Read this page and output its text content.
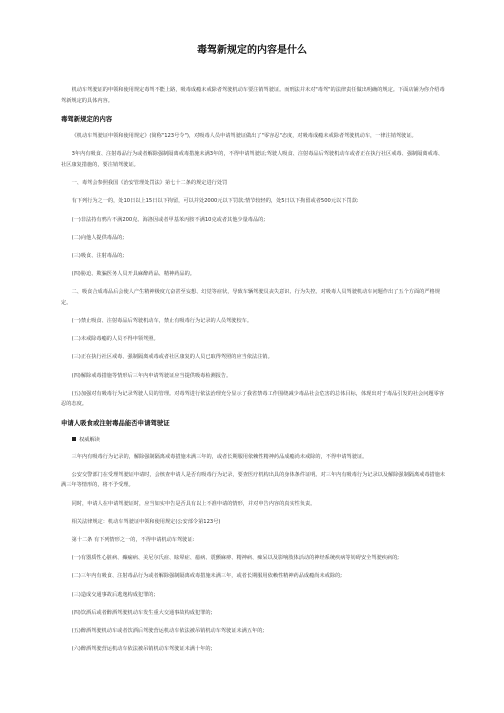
毒驾新规定的内容是什么

机动车驾驶证的申领和使用规定毒驾不能上路，吸毒成瘾未戒除者驾驶机动车要注销驾驶证。而刑法并未对"毒驾"的法律责任做出明确的规定。下面店铺为你介绍毒驾新规定的具体内容。

毒驾新规定的内容

《机动车驾驶证申领和使用规定》(简称"123号令")，对吸毒人员申请驾驶证做出了"零容忍"态度，对吸毒成瘾未戒除者驾驶机动车，一律注销驾驶证。

3年内有吸食、注射毒品行为或者解除强制隔离戒毒措施未满3年的，不得申请驾驶证;驾驶人吸食、注射毒品后驾驶机动车或者正在执行社区戒毒、强制隔离戒毒、社区康复措施的，要注销驾驶证。

一、毒驾会参照我国《治安管理处罚法》第七十二条的规定进行处罚

有下列行为之一的，处10日以上15日以下拘留，可以并处2000元以下罚款;情节较轻的，处5日以下拘留或者500元以下罚款:

(一)非法持有鸦片不满200克、海洛因或者甲基苯丙胺不满10克或者其他少量毒品的;

(二)向他人提供毒品的;

(三)吸食、注射毒品的;

(四)胁迫、欺骗医务人员开具麻醉药品、精神药品的。

二、吸食合成毒品后会使人产生精神极度亢奋甚至妄想、幻觉等症状，导致车辆驾驶员丧失意识、行为失控。对吸毒人员驾驶机动车问题作出了五个方面的严格规定。

(一)禁止吸食、注射毒品后驾驶机动车，禁止有吸毒行为记录的人员驾驶校车。

(二)未戒除毒瘾的人员不得申领驾照。

(三)正在执行社区戒毒、强制隔离戒毒或者社区康复的人员已取得驾照的应当依法注销。

(四)解除戒毒措施等情形后三年内申请驾驶证应当提供吸毒检测报告。

(五)加强对有吸毒行为记录驾驶人员的管理。对毒驾进行依法治理充分显示了我省禁毒工作围绕减少毒品社会危害的总体目标，体现出对于毒品引发的社会问题零容忍的态度。

申请人吸食或注射毒品能否申请驾驶证
权威解读

三年内有吸毒行为记录的，解除强制隔离戒毒措施未满三年的，或者长期服用依赖性精神药品成瘾尚未戒除的，不得申请驾驶证。

公安交警部门在受理驾驶证申请时，会核查申请人是否有吸毒行为记录，要查医疗机构出具的身体条件证明。对三年内有吸毒行为记录以及解除强制隔离戒毒措施未满三年等情形的，将不予受理。

同时，申请人在申请驾驶证时，应当如实申告是否具有以上不准申请的情形，并对申告内容的真实性负责。

相关法律规定：机动车驾驶证申领和使用规定(公安部令第123号)

第十二条 有下列情形之一的，不得申请机动车驾驶证:

(一)有器质性心脏病、癫痫病、美尼尔氏症、眩晕症、癔病、震颤麻痹、精神病、痴呆以及影响肢体活动的神经系统疾病等妨碍安全驾驶疾病的;

(二)三年内有吸食、注射毒品行为或者解除强制隔离戒毒措施未满三年，或者长期服用依赖性精神药品成瘾尚未戒除的;

(三)造成交通事故后逃逸构成犯罪的;

(四)饮酒后或者醉酒驾驶机动车发生重大交通事故构成犯罪的;

(五)醉酒驾驶机动车或者饮酒后驾驶营运机动车依法被吊销机动车驾驶证未满五年的;

(六)醉酒驾驶营运机动车依法被吊销机动车驾驶证未满十年的;
